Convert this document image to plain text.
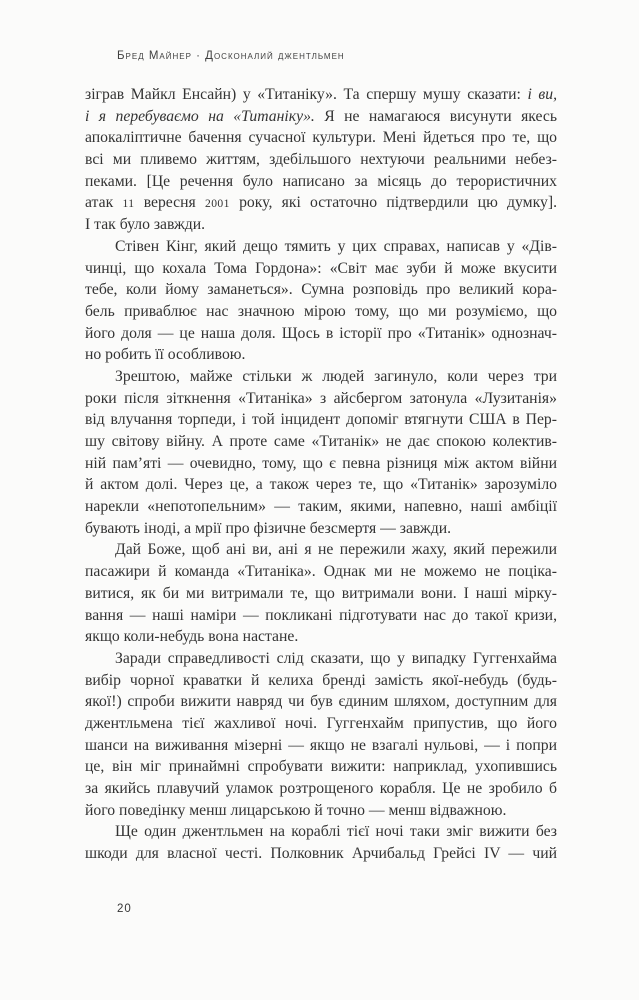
Бред Майнер · Досконалий джентльмен
зіграв Майкл Енсайн) у «Титаніку». Та спершу мушу сказати: і ви,
і я перебуваємо на «Титаніку». Я не намагаюся висунути якесь
апокаліптичне бачення сучасної культури. Мені йдеться про те, що
всі ми пливемо життям, здебільшого нехтуючи реальними небез-
пеками. [Це речення було написано за місяць до терористичних
атак 11 вересня 2001 року, які остаточно підтвердили цю думку].
І так було завжди.
Стівен Кінг, який дещо тямить у цих справах, написав у «Дів-
чинці, що кохала Тома Гордона»: «Світ має зуби й може вкусити
тебе, коли йому заманеться». Сумна розповідь про великий кора-
бель приваблює нас значною мірою тому, що ми розуміємо, що
його доля — це наша доля. Щось в історії про «Титанік» однознач-
но робить її особливою.
Зрештою, майже стільки ж людей загинуло, коли через три
роки після зіткнення «Титаніка» з айсбергом затонула «Лузитанія»
від влучання торпеди, і той інцидент допоміг втягнути США в Пер-
шу світову війну. А проте саме «Титанік» не дає спокою колектив-
ній пам’яті — очевидно, тому, що є певна різниця між актом війни
й актом долі. Через це, а також через те, що «Титанік» зарозуміло
нарекли «непотопельним» — таким, якими, напевно, наші амбіції
бувають іноді, а мрії про фізичне безсмертя — завжди.
Дай Боже, щоб ані ви, ані я не пережили жаху, який пережили
пасажири й команда «Титаніка». Однак ми не можемо не поціка-
витися, як би ми витримали те, що витримали вони. І наші мірку-
вання — наші наміри — покликані підготувати нас до такої кризи,
якщо коли-небудь вона настане.
Заради справедливості слід сказати, що у випадку Гуггенхайма
вибір чорної краватки й келиха бренді замість якої-небудь (будь-
якої!) спроби вижити навряд чи був єдиним шляхом, доступним для
джентльмена тієї жахливої ночі. Гуггенхайм припустив, що його
шанси на виживання мізерні — якщо не взагалі нульові, — і попри
це, він міг принаймні спробувати вижити: наприклад, ухопившись
за якийсь плавучий уламок розтрощеного корабля. Це не зробило б
його поведінку менш лицарською й точно — менш відважною.
Ще один джентльмен на кораблі тієї ночі таки зміг вижити без
шкоди для власної честі. Полковник Арчибальд Грейсі IV — чий
20
